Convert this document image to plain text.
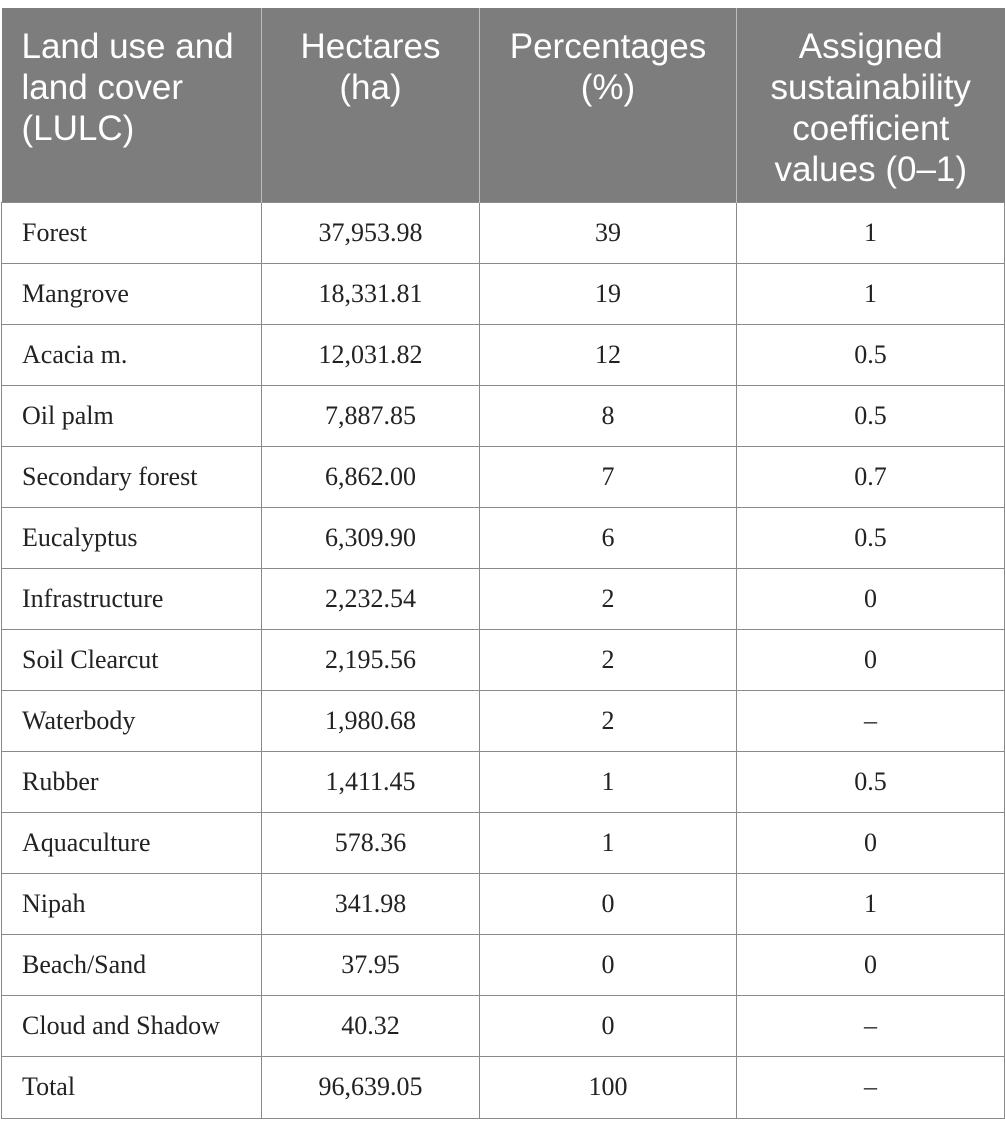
Land use and land cover (LULC)	Hectares (ha)	Percentages (%)	Assigned sustainability coefficient values (0–1)
Forest	37,953.98	39	1
Mangrove	18,331.81	19	1
Acacia m.	12,031.82	12	0.5
Oil palm	7,887.85	8	0.5
Secondary forest	6,862.00	7	0.7
Eucalyptus	6,309.90	6	0.5
Infrastructure	2,232.54	2	0
Soil Clearcut	2,195.56	2	0
Waterbody	1,980.68	2	–
Rubber	1,411.45	1	0.5
Aquaculture	578.36	1	0
Nipah	341.98	0	1
Beach/Sand	37.95	0	0
Cloud and Shadow	40.32	0	–
Total	96,639.05	100	–
